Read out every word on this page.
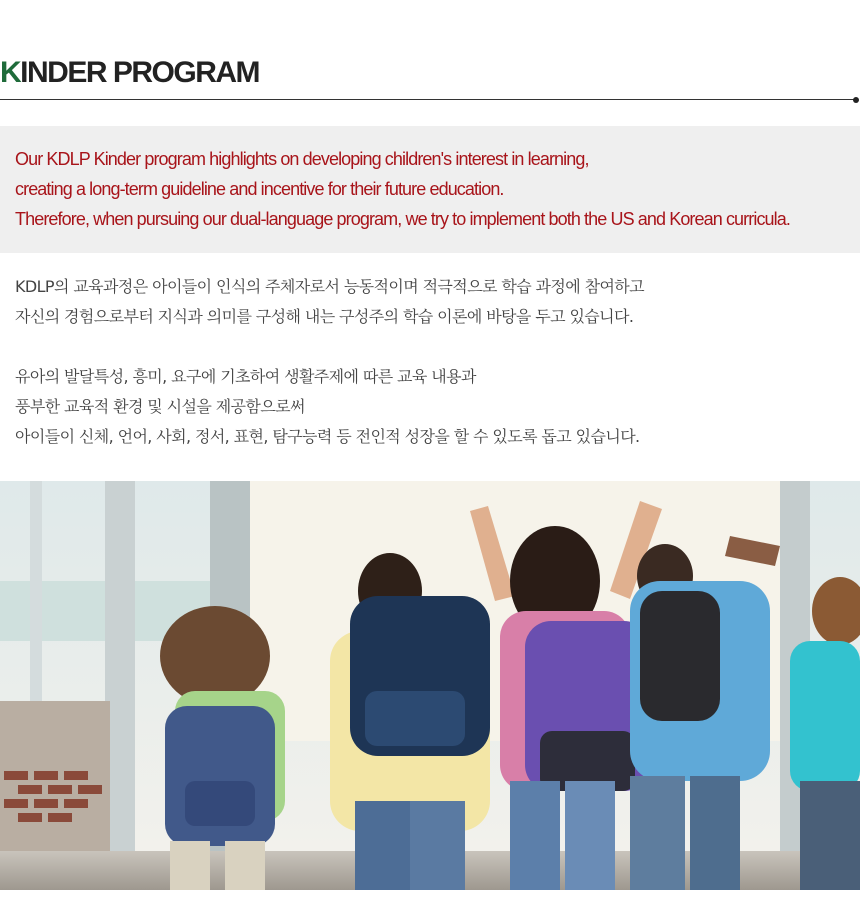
KINDER PROGRAM
Our KDLP Kinder program highlights on developing children's interest in learning,
creating a long-term guideline and incentive for their future education.
Therefore, when pursuing our dual-language program, we try to implement both the US and Korean curricula.

KDLP의 교육과정은 아이들이 인식의 주체자로서 능동적이며 적극적으로 학습 과정에 참여하고
자신의 경험으로부터 지식과 의미를 구성해 내는 구성주의 학습 이론에 바탕을 두고 있습니다.

유아의 발달특성, 흥미, 요구에 기초하여 생활주제에 따른 교육 내용과
풍부한 교육적 환경 및 시설을 제공함으로써
아이들이 신체, 언어, 사회, 정서, 표현, 탐구능력 등 전인적 성장을 할 수 있도록 돕고 있습니다.
